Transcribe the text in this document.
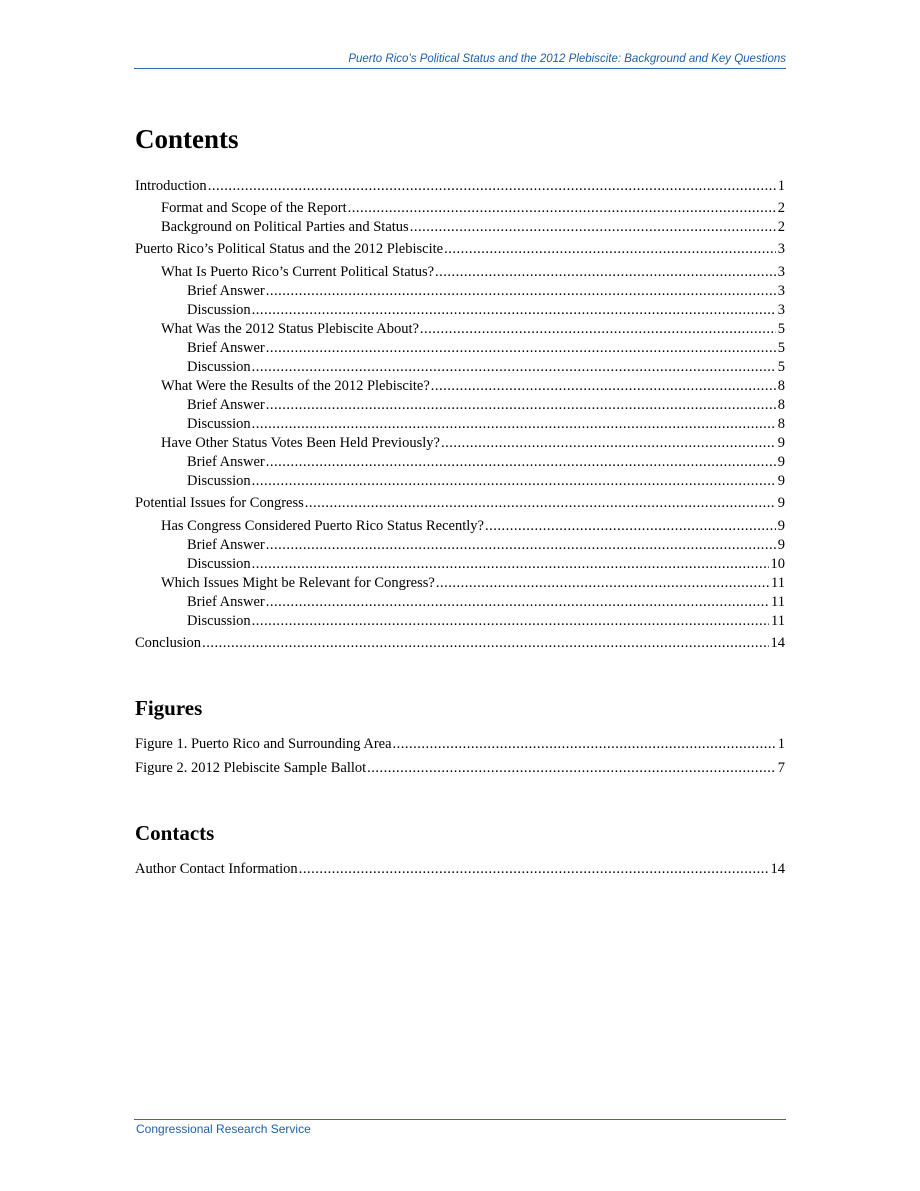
Puerto Rico’s Political Status and the 2012 Plebiscite: Background and Key Questions
Contents
Introduction .....	1
Format and Scope of the Report .....	2
Background on Political Parties and Status .....	2
Puerto Rico’s Political Status and the 2012 Plebiscite .....	3
What Is Puerto Rico’s Current Political Status? .....	3
Brief Answer .....	3
Discussion .....	3
What Was the 2012 Status Plebiscite About? .....	5
Brief Answer .....	5
Discussion .....	5
What Were the Results of the 2012 Plebiscite? .....	8
Brief Answer .....	8
Discussion .....	8
Have Other Status Votes Been Held Previously? .....	9
Brief Answer .....	9
Discussion .....	9
Potential Issues for Congress .....	9
Has Congress Considered Puerto Rico Status Recently? .....	9
Brief Answer .....	9
Discussion .....	10
Which Issues Might be Relevant for Congress? .....	11
Brief Answer .....	11
Discussion .....	11
Conclusion .....	14
Figures
Figure 1. Puerto Rico and Surrounding Area .....	1
Figure 2. 2012 Plebiscite Sample Ballot .....	7
Contacts
Author Contact Information .....	14
Congressional Research Service
